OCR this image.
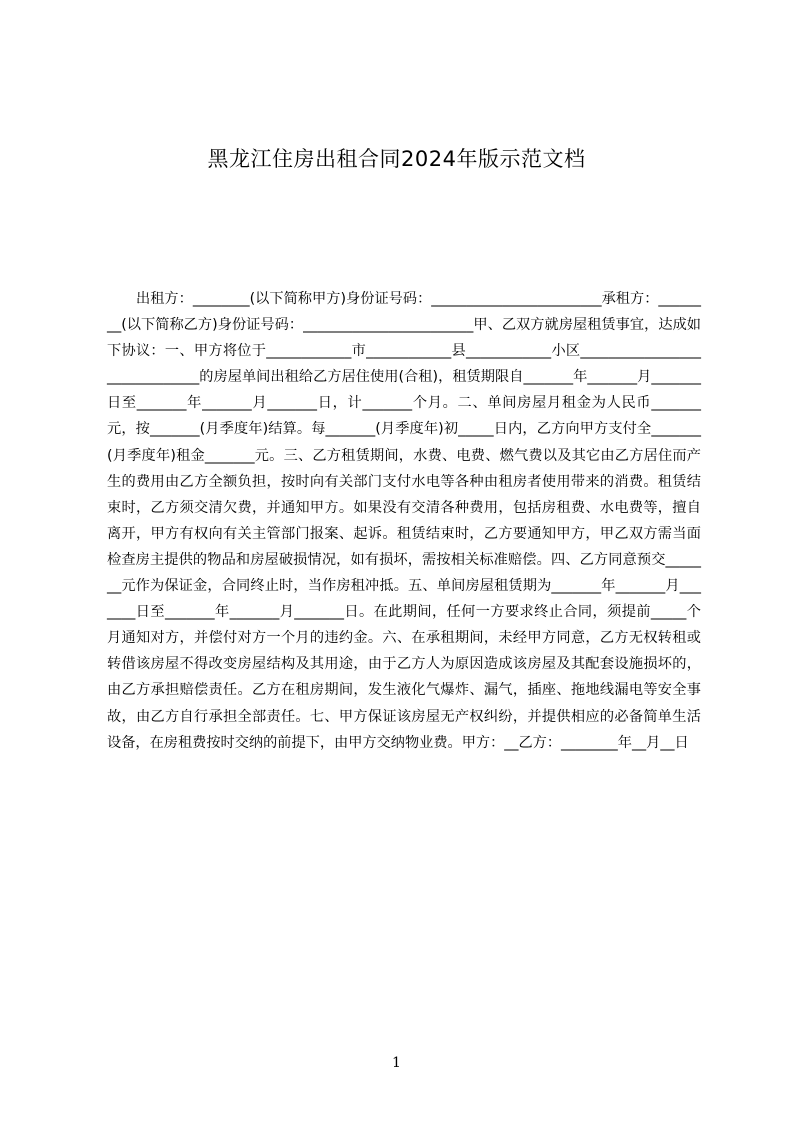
黑龙江住房出租合同2024年版示范文档
出租方：________(以下简称甲方)身份证号码：________________________承租方：________(以下简称乙方)身份证号码：________________________甲、乙双方就房屋租赁事宜，达成如下协议：一、甲方将位于____________市____________县____________小区______________________________的房屋单间出租给乙方居住使用(合租)，租赁期限自_______年_______月_______日至_______年_______月_______日，计_______个月。二、单间房屋月租金为人民币_______元，按_______(月季度年)结算。每_______(月季度年)初_____日内，乙方向甲方支付全_______(月季度年)租金_______元。三、乙方租赁期间，水费、电费、燃气费以及其它由乙方居住而产生的费用由乙方全额负担，按时向有关部门支付水电等各种由租房者使用带来的消费。租赁结束时，乙方须交清欠费，并通知甲方。如果没有交清各种费用，包括房租费、水电费等，擅自离开，甲方有权向有关主管部门报案、起诉。租赁结束时，乙方要通知甲方，甲乙双方需当面检查房主提供的物品和房屋破损情况，如有损坏，需按相关标准赔偿。四、乙方同意预交_______元作为保证金，合同终止时，当作房租冲抵。五、单间房屋租赁期为_______年_______月_______日至_______年_______月_______日。在此期间，任何一方要求终止合同，须提前_____个月通知对方，并偿付对方一个月的违约金。六、在承租期间，未经甲方同意，乙方无权转租或转借该房屋不得改变房屋结构及其用途，由于乙方人为原因造成该房屋及其配套设施损坏的，由乙方承担赔偿责任。乙方在租房期间，发生液化气爆炸、漏气，插座、拖地线漏电等安全事故，由乙方自行承担全部责任。七、甲方保证该房屋无产权纠纷，并提供相应的必备简单生活设备，在房租费按时交纳的前提下，由甲方交纳物业费。甲方：__乙方：________年__月__日
1
